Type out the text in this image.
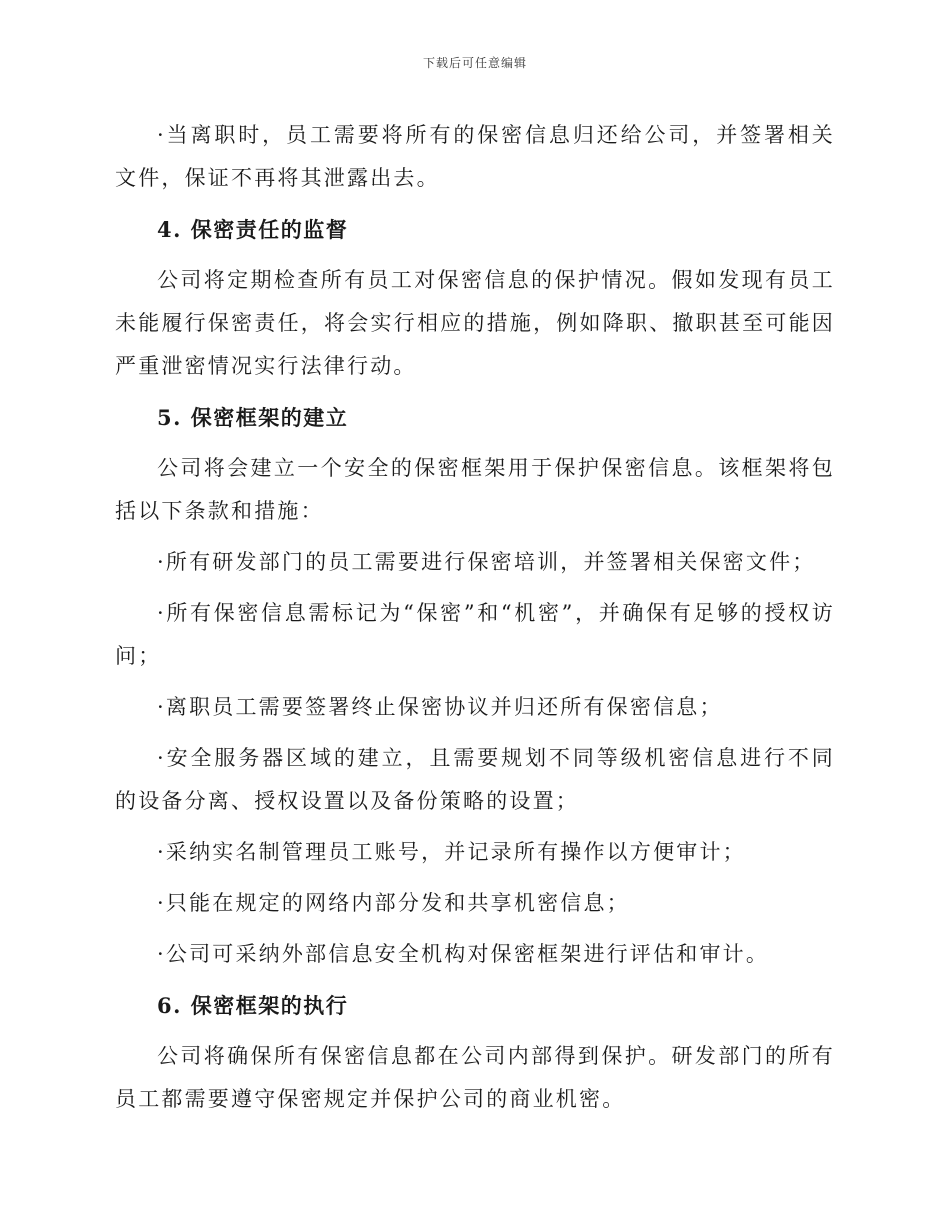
下载后可任意编辑

·当离职时，员工需要将所有的保密信息归还给公司，并签署相关文件，保证不再将其泄露出去。

4. 保密责任的监督

公司将定期检查所有员工对保密信息的保护情况。假如发现有员工未能履行保密责任，将会实行相应的措施，例如降职、撤职甚至可能因严重泄密情况实行法律行动。

5. 保密框架的建立

公司将会建立一个安全的保密框架用于保护保密信息。该框架将包括以下条款和措施：

·所有研发部门的员工需要进行保密培训，并签署相关保密文件；

·所有保密信息需标记为“保密”和“机密”，并确保有足够的授权访问；

·离职员工需要签署终止保密协议并归还所有保密信息；

·安全服务器区域的建立，且需要规划不同等级机密信息进行不同的设备分离、授权设置以及备份策略的设置；

·采纳实名制管理员工账号，并记录所有操作以方便审计；

·只能在规定的网络内部分发和共享机密信息；

·公司可采纳外部信息安全机构对保密框架进行评估和审计。

6. 保密框架的执行

公司将确保所有保密信息都在公司内部得到保护。研发部门的所有员工都需要遵守保密规定并保护公司的商业机密。
